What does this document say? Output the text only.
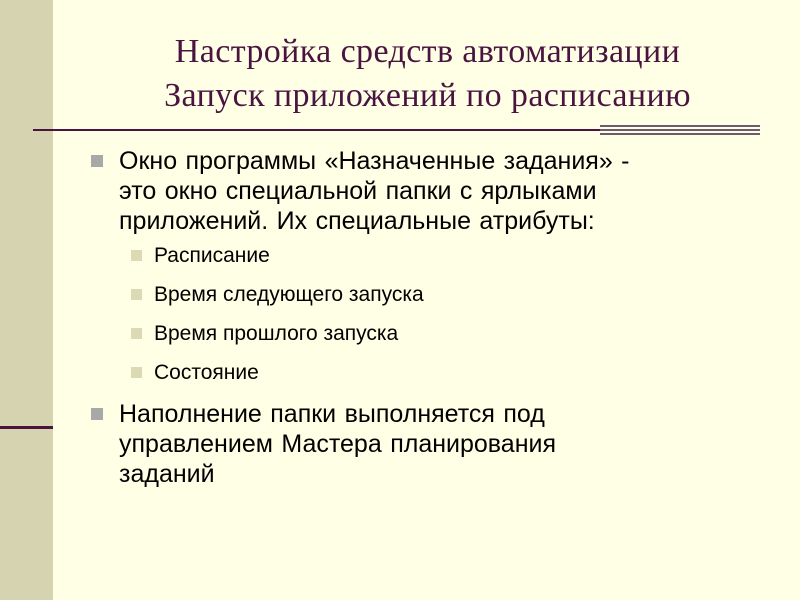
Настройка средств автоматизации
Запуск приложений по расписанию
Окно программы «Назначенные задания» -
это окно специальной папки с ярлыками
приложений. Их специальные атрибуты:
Расписание
Время следующего запуска
Время прошлого запуска
Состояние
Наполнение папки выполняется под
управлением Мастера планирования
заданий
